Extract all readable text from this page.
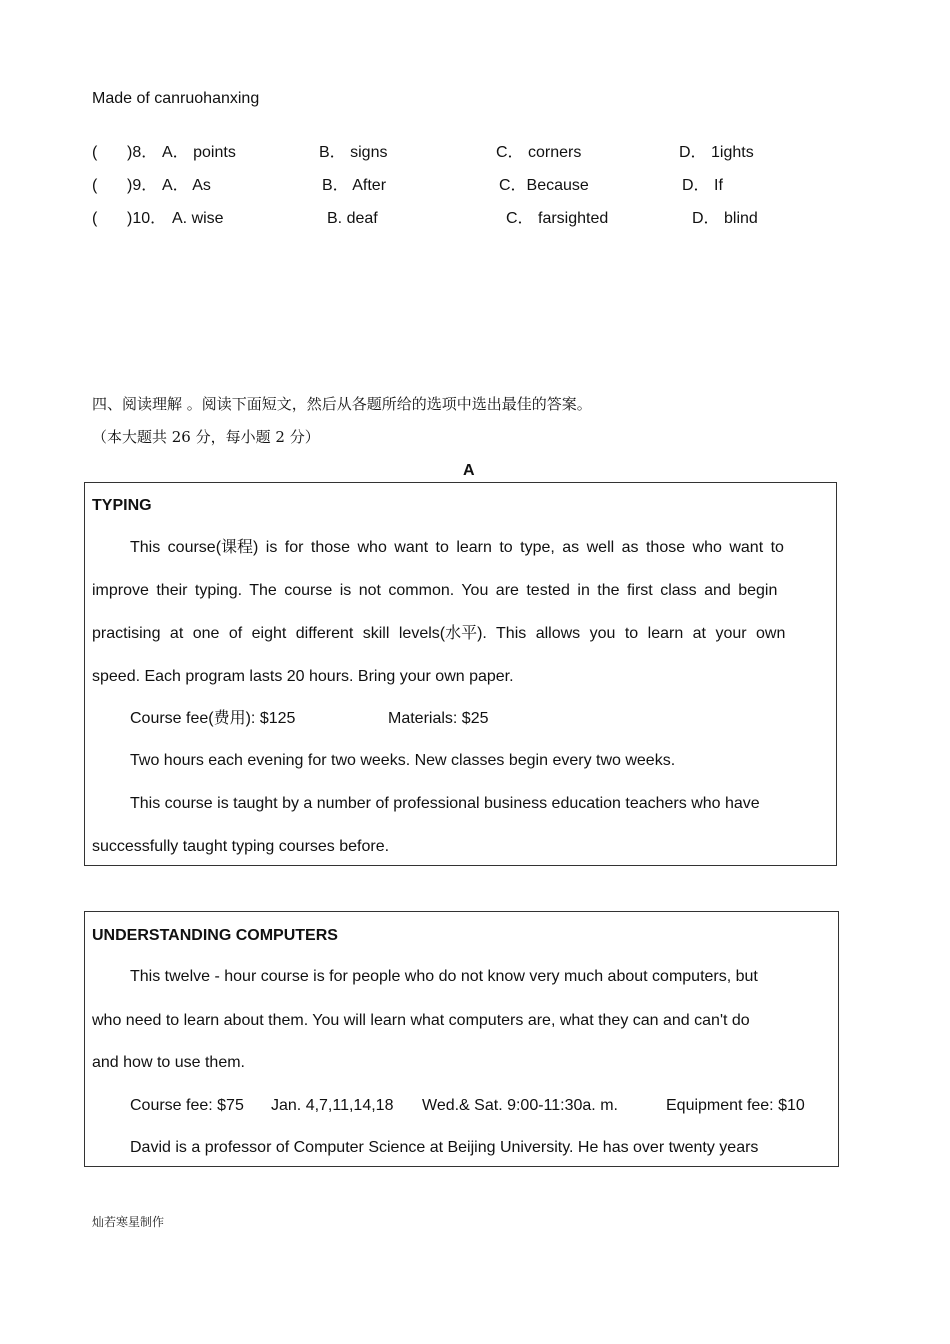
Made of canruohanxing
( )8． A． points	B． signs	C． corners	D． 1ights
( )9． A． As	B． After	C．Because	D． If
( )10． A. wise	B. deaf	C． farsighted	D． blind
四、阅读理解 。阅读下面短文，然后从各题所给的选项中选出最佳的答案。
（本大题共 26 分，每小题 2 分）
A
TYPING
This course(课程) is for those who want to learn to type, as well as those who want to
improve their typing. The course is not common. You are tested in the first class and begin
practising at one of eight different skill levels(水平). This allows you to learn at your own
speed. Each program lasts 20 hours. Bring your own paper.
Course fee(费用): $125	Materials: $25
Two hours each evening for two weeks. New classes begin every two weeks.
This course is taught by a number of professional business education teachers who have
successfully taught typing courses before.
UNDERSTANDING COMPUTERS
This twelve - hour course is for people who do not know very much about computers, but
who need to learn about them. You will learn what computers are, what they can and can't do
and how to use them.
Course fee: $75 Jan. 4,7,11,14,18 Wed.& Sat. 9:00-11:30a. m.	Equipment fee: $10
David is a professor of Computer Science at Beijing University. He has over twenty years
灿若寒星制作
